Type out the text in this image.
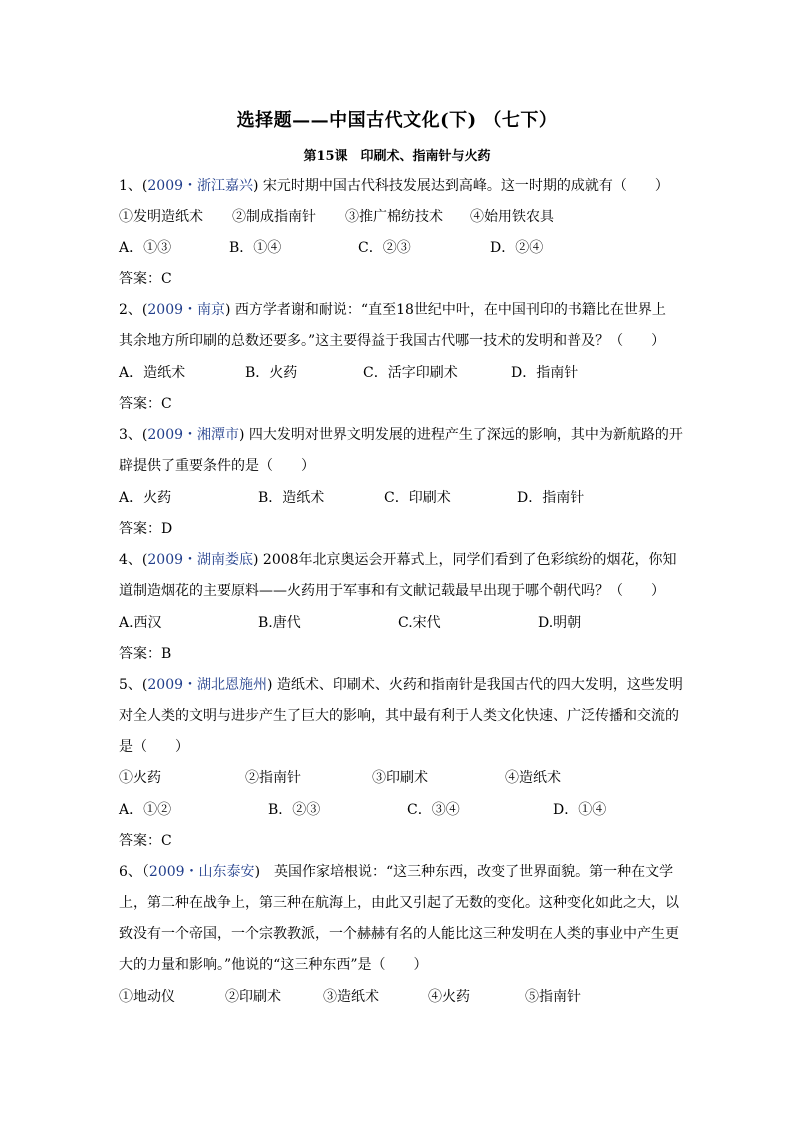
选择题——中国古代文化(下) （七下）
第15课　印刷术、指南针与火药
1、(2009・浙江嘉兴) 宋元时期中国古代科技发展达到高峰。这一时期的成就有（　　）
①发明造纸术 ②制成指南针 ③推广棉纺技术 ④始用铁农具
A．①③	B．①④	C．②③	D．②④
答案：C
2、(2009・南京) 西方学者谢和耐说：“直至18世纪中叶，在中国刊印的书籍比在世界上
其余地方所印刷的总数还要多。”这主要得益于我国古代哪一技术的发明和普及？（　　）
A．造纸术	B．火药	C．活字印刷术	D．指南针
答案：C
3、(2009・湘潭市) 四大发明对世界文明发展的进程产生了深远的影响，其中为新航路的开
辟提供了重要条件的是（　　）
A．火药	B．造纸术	C．印刷术	D．指南针
答案：D
4、(2009・湖南娄底) 2008年北京奥运会开幕式上，同学们看到了色彩缤纷的烟花，你知
道制造烟花的主要原料——火药用于军事和有文献记载最早出现于哪个朝代吗？（　　）
A.西汉	B.唐代	C.宋代	D.明朝
答案：B
5、(2009・湖北恩施州) 造纸术、印刷术、火药和指南针是我国古代的四大发明，这些发明
对全人类的文明与进步产生了巨大的影响，其中最有利于人类文化快速、广泛传播和交流的
是（　　）
①火药	②指南针	③印刷术	④造纸术
A．①②	B．②③	C．③④	D．①④
答案：C
6、（2009・山东泰安)　英国作家培根说：“这三种东西，改变了世界面貌。第一种在文学
上，第二种在战争上，第三种在航海上，由此又引起了无数的变化。这种变化如此之大，以
致没有一个帝国，一个宗教教派，一个赫赫有名的人能比这三种发明在人类的事业中产生更
大的力量和影响。”他说的“这三种东西”是（　　）
①地动仪	②印刷术	③造纸术	④火药	⑤指南针
